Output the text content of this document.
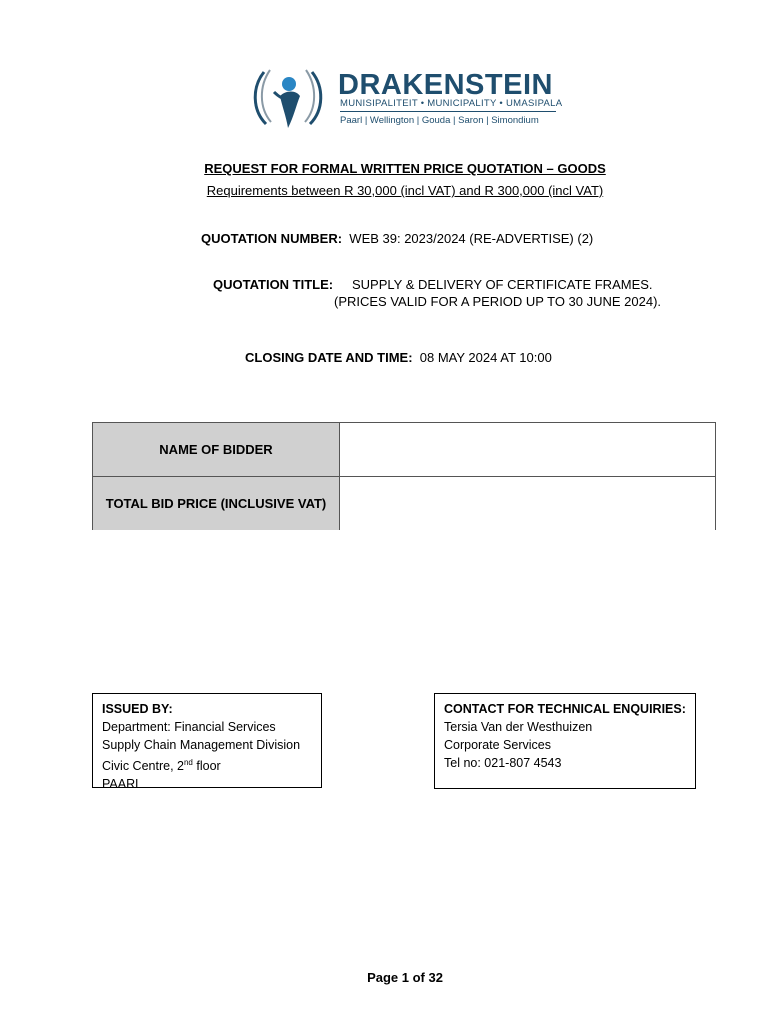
DRAKENSTEIN
MUNISIPALITEIT • MUNICIPALITY • UMASIPALA
Paarl | Wellington | Gouda | Saron | Simondium
REQUEST FOR FORMAL WRITTEN PRICE QUOTATION – GOODS
Requirements between R 30,000 (incl VAT) and R 300,000 (incl VAT)
QUOTATION NUMBER: WEB 39: 2023/2024 (RE-ADVERTISE) (2)
QUOTATION TITLE: SUPPLY & DELIVERY OF CERTIFICATE FRAMES.
(PRICES VALID FOR A PERIOD UP TO 30 JUNE 2024).
CLOSING DATE AND TIME: 08 MAY 2024 AT 10:00
NAME OF BIDDER
TOTAL BID PRICE (INCLUSIVE VAT)
ISSUED BY:
Department: Financial Services
Supply Chain Management Division
Civic Centre, 2nd floor
PAARL
CONTACT FOR TECHNICAL ENQUIRIES:
Tersia Van der Westhuizen
Corporate Services
Tel no: 021-807 4543
Page 1 of 32
